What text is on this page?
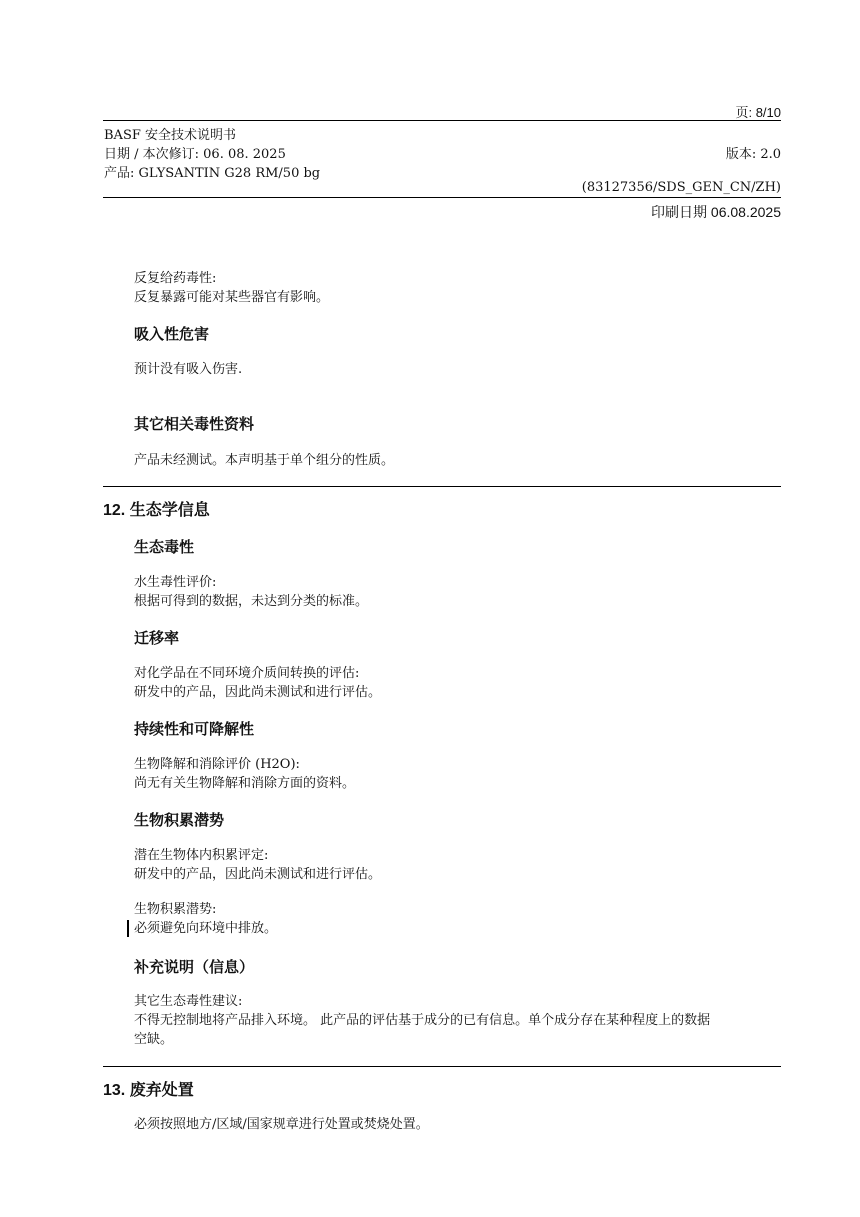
页: 8/10
BASF 安全技术说明书
日期 / 本次修订: 06. 08. 2025	版本: 2.0
产品: GLYSANTIN G28 RM/50 bg
(83127356/SDS_GEN_CN/ZH)
印刷日期 06.08.2025
反复给药毒性:
反复暴露可能对某些器官有影响。
吸入性危害
预计没有吸入伤害.
其它相关毒性资料
产品未经测试。本声明基于单个组分的性质。
12. 生态学信息
生态毒性
水生毒性评价:
根据可得到的数据，未达到分类的标准。
迁移率
对化学品在不同环境介质间转换的评估:
研发中的产品，因此尚未测试和进行评估。
持续性和可降解性
生物降解和消除评价 (H2O):
尚无有关生物降解和消除方面的资料。
生物积累潜势
潜在生物体内积累评定:
研发中的产品，因此尚未测试和进行评估。
生物积累潜势:
必须避免向环境中排放。
补充说明（信息）
其它生态毒性建议:
不得无控制地将产品排入环境。 此产品的评估基于成分的已有信息。单个成分存在某种程度上的数据
空缺。
13. 废弃处置
必须按照地方/区域/国家规章进行处置或焚烧处置。
